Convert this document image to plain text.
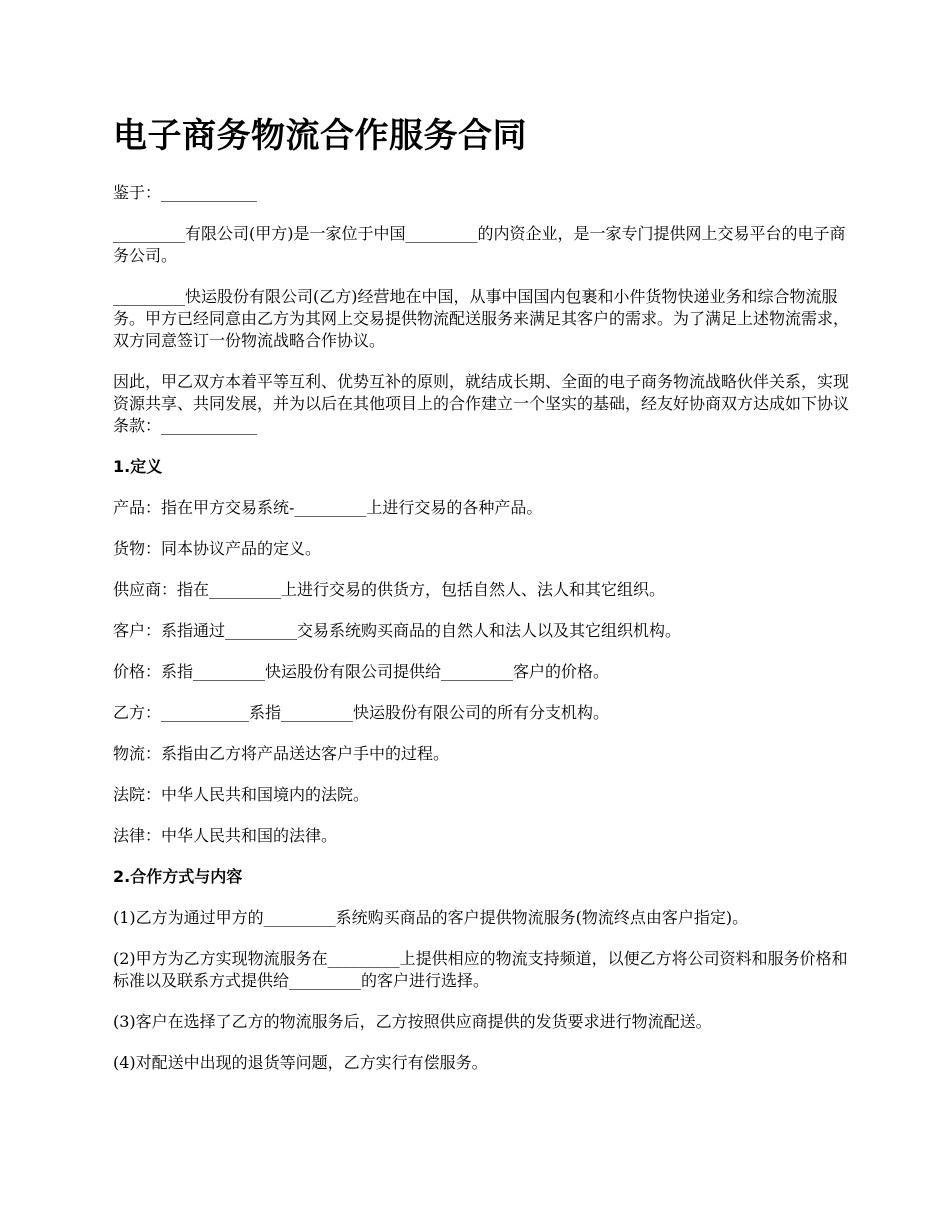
电子商务物流合作服务合同

鉴于：____________

_________有限公司(甲方)是一家位于中国_________的内资企业，是一家专门提供网上交易平台的电子商务公司。

_________快运股份有限公司(乙方)经营地在中国，从事中国国内包裹和小件货物快递业务和综合物流服务。甲方已经同意由乙方为其网上交易提供物流配送服务来满足其客户的需求。为了满足上述物流需求，双方同意签订一份物流战略合作协议。

因此，甲乙双方本着平等互利、优势互补的原则，就结成长期、全面的电子商务物流战略伙伴关系，实现资源共享、共同发展，并为以后在其他项目上的合作建立一个坚实的基础，经友好协商双方达成如下协议条款：____________

1.定义

产品：指在甲方交易系统-_________上进行交易的各种产品。

货物：同本协议产品的定义。

供应商：指在_________上进行交易的供货方，包括自然人、法人和其它组织。

客户：系指通过_________交易系统购买商品的自然人和法人以及其它组织机构。

价格：系指_________快运股份有限公司提供给_________客户的价格。

乙方：___________系指_________快运股份有限公司的所有分支机构。

物流：系指由乙方将产品送达客户手中的过程。

法院：中华人民共和国境内的法院。

法律：中华人民共和国的法律。

2.合作方式与内容

(1)乙方为通过甲方的_________系统购买商品的客户提供物流服务(物流终点由客户指定)。

(2)甲方为乙方实现物流服务在_________上提供相应的物流支持频道，以便乙方将公司资料和服务价格和标准以及联系方式提供给_________的客户进行选择。

(3)客户在选择了乙方的物流服务后，乙方按照供应商提供的发货要求进行物流配送。

(4)对配送中出现的退货等问题，乙方实行有偿服务。
